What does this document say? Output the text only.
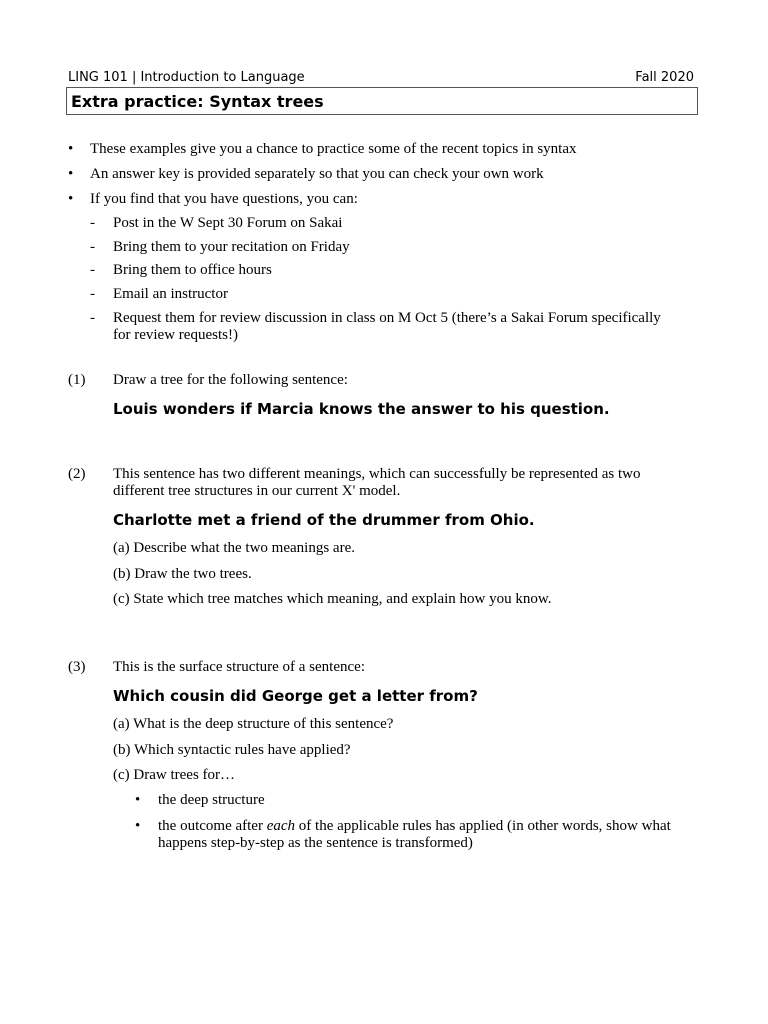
LING 101 | Introduction to Language	Fall 2020
Extra practice: Syntax trees
• These examples give you a chance to practice some of the recent topics in syntax
• An answer key is provided separately so that you can check your own work
• If you find that you have questions, you can:
- Post in the W Sept 30 Forum on Sakai
- Bring them to your recitation on Friday
- Bring them to office hours
- Email an instructor
- Request them for review discussion in class on M Oct 5 (there’s a Sakai Forum specifically
for review requests!)
(1) Draw a tree for the following sentence:
Louis wonders if Marcia knows the answer to his question.
(2) This sentence has two different meanings, which can successfully be represented as two
different tree structures in our current X' model.
Charlotte met a friend of the drummer from Ohio.
(a) Describe what the two meanings are.
(b) Draw the two trees.
(c) State which tree matches which meaning, and explain how you know.
(3) This is the surface structure of a sentence:
Which cousin did George get a letter from?
(a) What is the deep structure of this sentence?
(b) Which syntactic rules have applied?
(c) Draw trees for…
• the deep structure
• the outcome after each of the applicable rules has applied (in other words, show what
happens step-by-step as the sentence is transformed)
